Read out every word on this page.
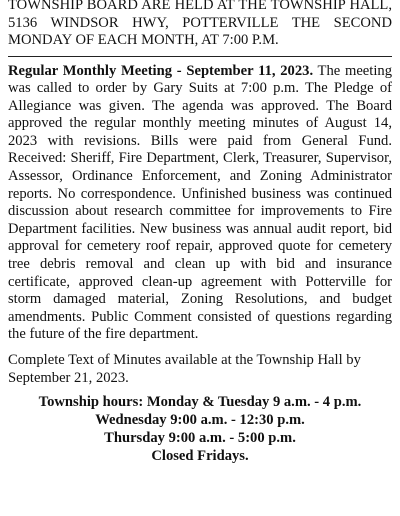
TOWNSHIP BOARD ARE HELD AT THE TOWNSHIP HALL, 5136 WINDSOR HWY, POTTERVILLE THE SECOND MONDAY OF EACH MONTH, AT 7:00 P.M.

Regular Monthly Meeting - September 11, 2023. The meeting was called to order by Gary Suits at 7:00 p.m. The Pledge of Allegiance was given. The agenda was approved. The Board approved the regular monthly meeting minutes of August 14, 2023 with revisions. Bills were paid from General Fund. Received: Sheriff, Fire Department, Clerk, Treasurer, Supervisor, Assessor, Ordinance Enforcement, and Zoning Administrator reports. No correspondence. Unfinished business was continued discussion about research committee for improvements to Fire Department facilities. New business was annual audit report, bid approval for cemetery roof repair, approved quote for cemetery tree debris removal and clean up with bid and insurance certificate, approved clean-up agreement with Potterville for storm damaged material, Zoning Resolutions, and budget amendments. Public Comment consisted of questions regarding the future of the fire department.

Complete Text of Minutes available at the Township Hall by September 21, 2023.

Township hours: Monday & Tuesday 9 a.m. - 4 p.m.
Wednesday 9:00 a.m. - 12:30 p.m.
Thursday 9:00 a.m. - 5:00 p.m.
Closed Fridays.
